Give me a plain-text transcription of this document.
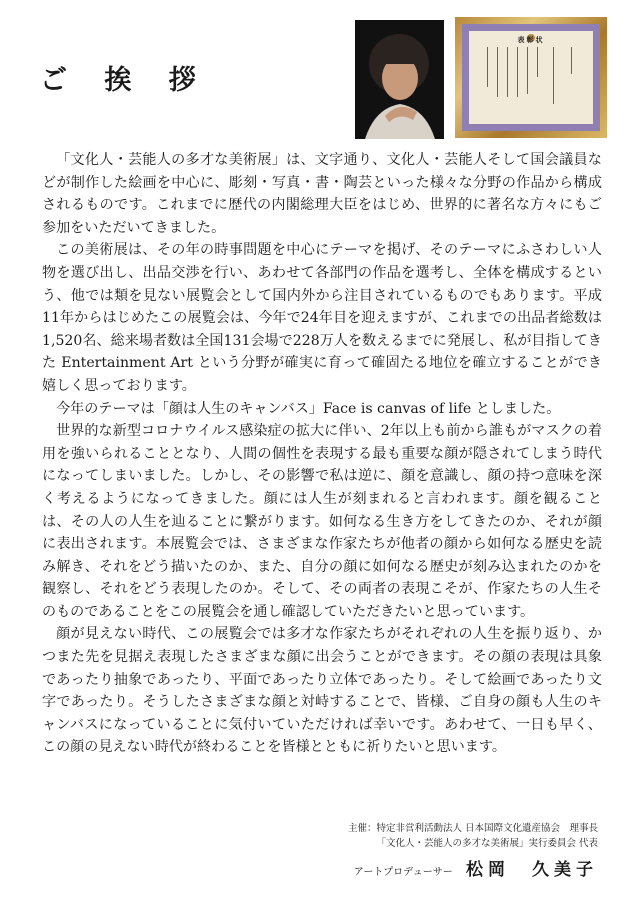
ご 挨 拶
表彰状

「文化人・芸能人の多才な美術展」は、文字通り、文化人・芸能人そして国会議員などが制作した絵画を中心に、彫刻・写真・書・陶芸といった様々な分野の作品から構成されるものです。これまでに歴代の内閣総理大臣をはじめ、世界的に著名な方々にもご参加をいただいてきました。

この美術展は、その年の時事問題を中心にテーマを掲げ、そのテーマにふさわしい人物を選び出し、出品交渉を行い、あわせて各部門の作品を選考し、全体を構成するという、他では類を見ない展覧会として国内外から注目されているものでもあります。平成11年からはじめたこの展覧会は、今年で24年目を迎えますが、これまでの出品者総数は1,520名、総来場者数は全国131会場で228万人を数えるまでに発展し、私が目指してきた Entertainment Art という分野が確実に育って確固たる地位を確立することができ嬉しく思っております。

今年のテーマは「顔は人生のキャンバス」Face is canvas of life としました。

世界的な新型コロナウイルス感染症の拡大に伴い、2年以上も前から誰もがマスクの着用を強いられることとなり、人間の個性を表現する最も重要な顔が隠されてしまう時代になってしまいました。しかし、その影響で私は逆に、顔を意識し、顔の持つ意味を深く考えるようになってきました。顔には人生が刻まれると言われます。顔を観ることは、その人の人生を辿ることに繋がります。如何なる生き方をしてきたのか、それが顔に表出されます。本展覧会では、さまざまな作家たちが他者の顔から如何なる歴史を読み解き、それをどう描いたのか、また、自分の顔に如何なる歴史が刻み込まれたのかを観察し、それをどう表現したのか。そして、その両者の表現こそが、作家たちの人生そのものであることをこの展覧会を通し確認していただきたいと思っています。

顔が見えない時代、この展覧会では多才な作家たちがそれぞれの人生を振り返り、かつまた先を見据え表現したさまざまな顔に出会うことができます。その顔の表現は具象であったり抽象であったり、平面であったり立体であったり。そして絵画であったり文字であったり。そうしたさまざまな顔と対峙することで、皆様、ご自身の顔も人生のキャンバスになっていることに気付いていただければ幸いです。あわせて、一日も早く、この顔の見えない時代が終わることを皆様とともに祈りたいと思います。

主催：特定非営利活動法人 日本国際文化遺産協会　理事長
「文化人・芸能人の多才な美術展」実行委員会 代表
アートプロデューサー 松岡　久美子
